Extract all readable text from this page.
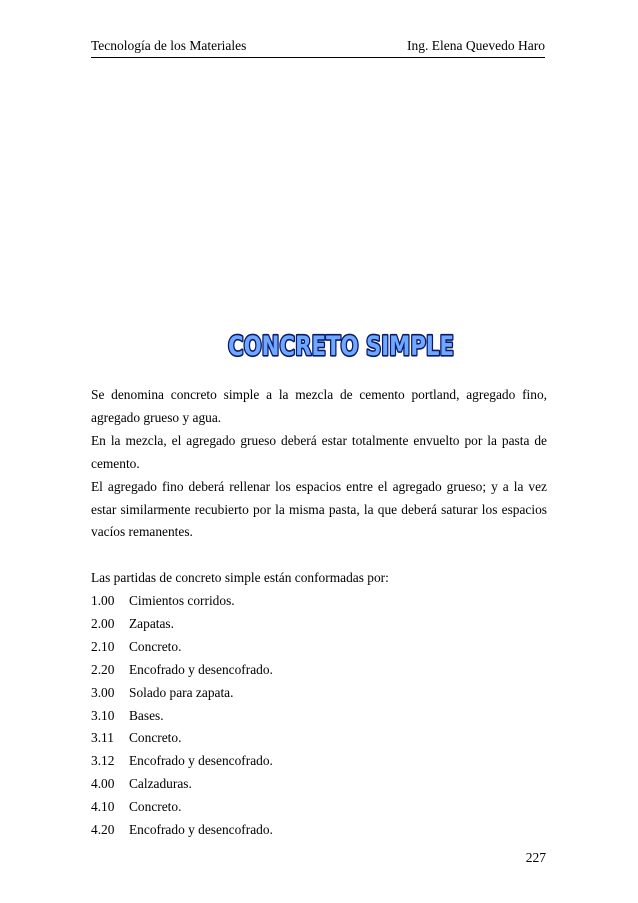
Tecnología de los Materiales	Ing. Elena Quevedo Haro
CONCRETO SIMPLE

Se denomina concreto simple a la mezcla de cemento portland, agregado fino, agregado grueso y agua.

En la mezcla, el agregado grueso deberá estar totalmente envuelto por la pasta de cemento.

El agregado fino deberá rellenar los espacios entre el agregado grueso; y a la vez estar similarmente recubierto por la misma pasta, la que deberá saturar los espacios vacíos remanentes.

Las partidas de concreto simple están conformadas por:

1.00	Cimientos corridos.
2.00	Zapatas.
2.10	Concreto.
2.20	Encofrado y desencofrado.
3.00	Solado para zapata.
3.10	Bases.
3.11	Concreto.
3.12	Encofrado y desencofrado.
4.00	Calzaduras.
4.10	Concreto.
4.20	Encofrado y desencofrado.
227
